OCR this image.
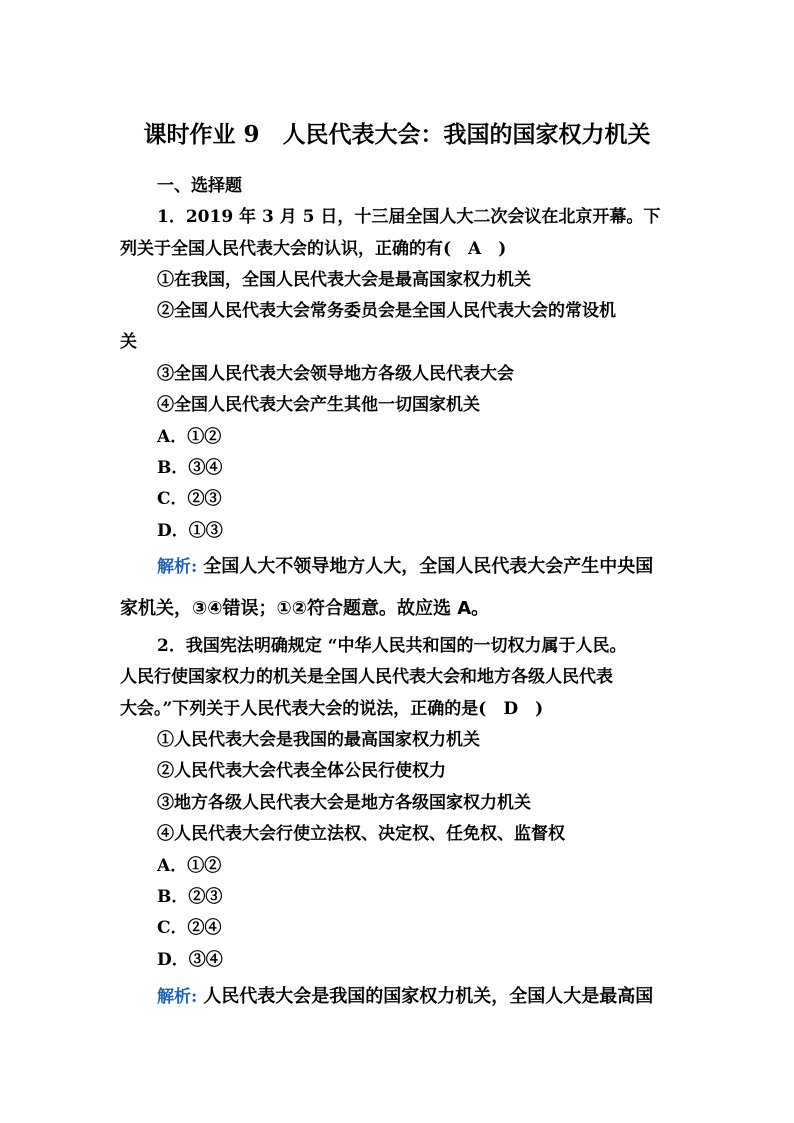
课时作业 9　人民代表大会：我国的国家权力机关
一、选择题
1．2019 年 3 月 5 日，十三届全国人大二次会议在北京开幕。下
列关于全国人民代表大会的认识，正确的有(　A　)
①在我国，全国人民代表大会是最高国家权力机关
②全国人民代表大会常务委员会是全国人民代表大会的常设机
关
③全国人民代表大会领导地方各级人民代表大会
④全国人民代表大会产生其他一切国家机关
A．①②
B．③④
C．②③
D．①③
解析: 全国人大不领导地方人大，全国人民代表大会产生中央国
家机关，③④错误；①②符合题意。故应选 A。
2．我国宪法明确规定 “中华人民共和国的一切权力属于人民。
人民行使国家权力的机关是全国人民代表大会和地方各级人民代表
大会。”下列关于人民代表大会的说法，正确的是(　D　)
①人民代表大会是我国的最高国家权力机关
②人民代表大会代表全体公民行使权力
③地方各级人民代表大会是地方各级国家权力机关
④人民代表大会行使立法权、决定权、任免权、监督权
A．①②
B．②③
C．②④
D．③④
解析: 人民代表大会是我国的国家权力机关，全国人大是最高国
